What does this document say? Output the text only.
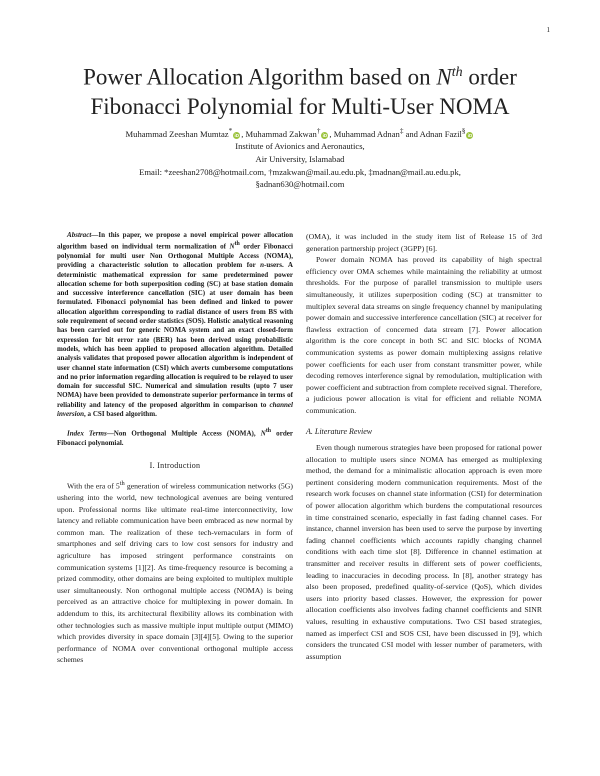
1
Power Allocation Algorithm based on $N^{th}$ order
Fibonacci Polynomial for Multi-User NOMA
Muhammad Zeeshan Mumtaz*iD , Muhammad Zakwan†iD , Muhammad Adnan‡ and Adnan Fazil§iD
Institute of Avionics and Aeronautics,
Air University, Islamabad
Email: *zeeshan2708@hotmail.com, †mzakwan@mail.au.edu.pk, ‡madnan@mail.au.edu.pk,
§adnan630@hotmail.com

Abstract—In this paper, we propose a novel empirical power allocation algorithm based on individual term normalization of $N^{th}$ order Fibonacci polynomial for multi user Non Orthogonal Multiple Access (NOMA), providing a characteristic solution to allocation problem for n-users. A deterministic mathematical expression for same predetermined power allocation scheme for both superposition coding (SC) at base station domain and successive interference cancellation (SIC) at user domain has been formulated. Fibonacci polynomial has been defined and linked to power allocation algorithm corresponding to radial distance of users from BS with sole requirement of second order statistics (SOS). Holistic analytical reasoning has been carried out for generic NOMA system and an exact closed-form expression for bit error rate (BER) has been derived using probabilistic models, which has been applied to proposed allocation algorithm. Detailed analysis validates that proposed power allocation algorithm is independent of user channel state information (CSI) which averts cumbersome computations and no prior information regarding allocation is required to be relayed to user domain for successful SIC. Numerical and simulation results (upto 7 user NOMA) have been provided to demonstrate superior performance in terms of reliability and latency of the proposed algorithm in comparison to channel inversion, a CSI based algorithm.

Index Terms—Non Orthogonal Multiple Access (NOMA), $N^{th}$ order Fibonacci polynomial.

I. Introduction

With the era of 5th generation of wireless communication networks (5G) ushering into the world, new technological avenues are being ventured upon. Professional norms like ultimate real-time interconnectivity, low latency and reliable communication have been embraced as new normal by common man. The realization of these tech-vernaculars in form of smartphones and self driving cars to low cost sensors for industry and agriculture has imposed stringent performance constraints on communication systems [1][2]. As time-frequency resource is becoming a prized commodity, other domains are being exploited to multiplex multiple user simultaneously. Non orthogonal multiple access (NOMA) is being perceived as an attractive choice for multiplexing in power domain. In addendum to this, its architectural flexibility allows its combination with other technologies such as massive multiple input multiple output (MIMO) which provides diversity in space domain [3][4][5]. Owing to the superior performance of NOMA over conventional orthogonal multiple access schemes

(OMA), it was included in the study item list of Release 15 of 3rd generation partnership project (3GPP) [6].

Power domain NOMA has proved its capability of high spectral efficiency over OMA schemes while maintaining the reliability at utmost thresholds. For the purpose of parallel transmission to multiple users simultaneously, it utilizes superposition coding (SC) at transmitter to multiplex several data streams on single frequency channel by manipulating power domain and successive interference cancellation (SIC) at receiver for flawless extraction of concerned data stream [7]. Power allocation algorithm is the core concept in both SC and SIC blocks of NOMA communication systems as power domain multiplexing assigns relative power coefficients for each user from constant transmitter power, while decoding removes interference signal by remodulation, multiplication with power coefficient and subtraction from complete received signal. Therefore, a judicious power allocation is vital for efficient and reliable NOMA communication.

A. Literature Review

Even though numerous strategies have been proposed for rational power allocation to multiple users since NOMA has emerged as multiplexing method, the demand for a minimalistic allocation approach is even more pertinent considering modern communication requirements. Most of the research work focuses on channel state information (CSI) for determination of power allocation algorithm which burdens the computational resources in time constrained scenario, especially in fast fading channel cases. For instance, channel inversion has been used to serve the purpose by inverting fading channel coefficients which accounts rapidly changing channel conditions with each time slot [8]. Difference in channel estimation at transmitter and receiver results in different sets of power coefficients, leading to inaccuracies in decoding process. In [8], another strategy has also been proposed, predefined quality-of-service (QoS), which divides users into priority based classes. However, the expression for power allocation coefficients also involves fading channel coefficients and SINR values, resulting in exhaustive computations. Two CSI based strategies, named as imperfect CSI and SOS CSI, have been discussed in [9], which considers the truncated CSI model with lesser number of parameters, with assumption
